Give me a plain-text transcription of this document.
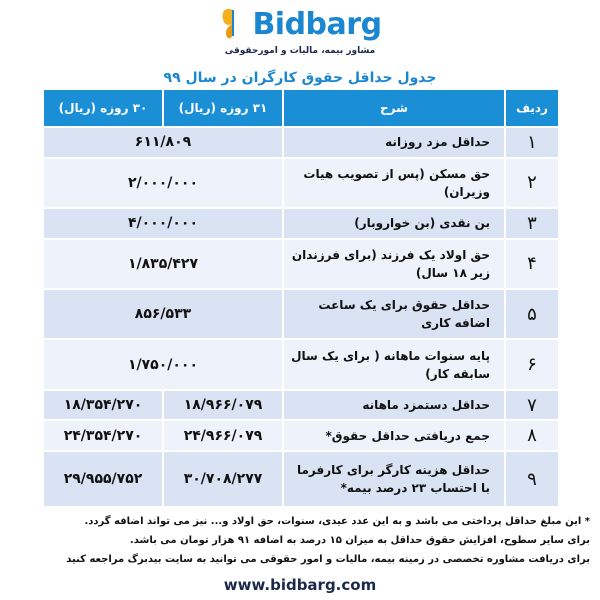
Bidbarg
مشاور بیمه، مالیات و امورحقوقی
جدول حداقل حقوق کارگران در سال ۹۹
ردیف	شرح	۳۱ روزه (ریال)	۳۰ روزه (ریال)
۱	حداقل مزد روزانه	۶۱۱/۸۰۹	
۲	حق مسکن (پس از تصویب هیات وزیران)	۲/۰۰۰/۰۰۰	
۳	بن نقدی (بن خواروبار)	۴/۰۰۰/۰۰۰	
۴	حق اولاد یک فرزند (برای فرزندان زیر ۱۸ سال)	۱/۸۳۵/۴۲۷	
۵	حداقل حقوق برای یک ساعت اضافه کاری	۸۵۶/۵۳۳	
۶	پایه سنوات ماهانه ( برای یک سال سابقه کار)	۱/۷۵۰/۰۰۰	
۷	حداقل دستمزد ماهانه	۱۸/۹۶۶/۰۷۹	۱۸/۳۵۴/۲۷۰
۸	جمع دریافتی حداقل حقوق*	۲۴/۹۶۶/۰۷۹	۲۴/۳۵۴/۲۷۰
۹	حداقل هزینه کارگر برای کارفرما با احتساب ۲۳ درصد بیمه*	۳۰/۷۰۸/۲۷۷	۲۹/۹۵۵/۷۵۲
* این مبلغ حداقل پرداختی می باشد و به این عدد عیدی، سنوات، حق اولاد و... نیز می تواند اضافه گردد.
برای سایر سطوح، افزایش حقوق حداقل به میزان ۱۵ درصد به اضافه ۹۱ هزار تومان می باشد.
برای دریافت مشاوره تخصصی در زمینه بیمه، مالیات و امور حقوقی می توانید به سایت بیدبرگ مراجعه کنید
www.bidbarg.com
